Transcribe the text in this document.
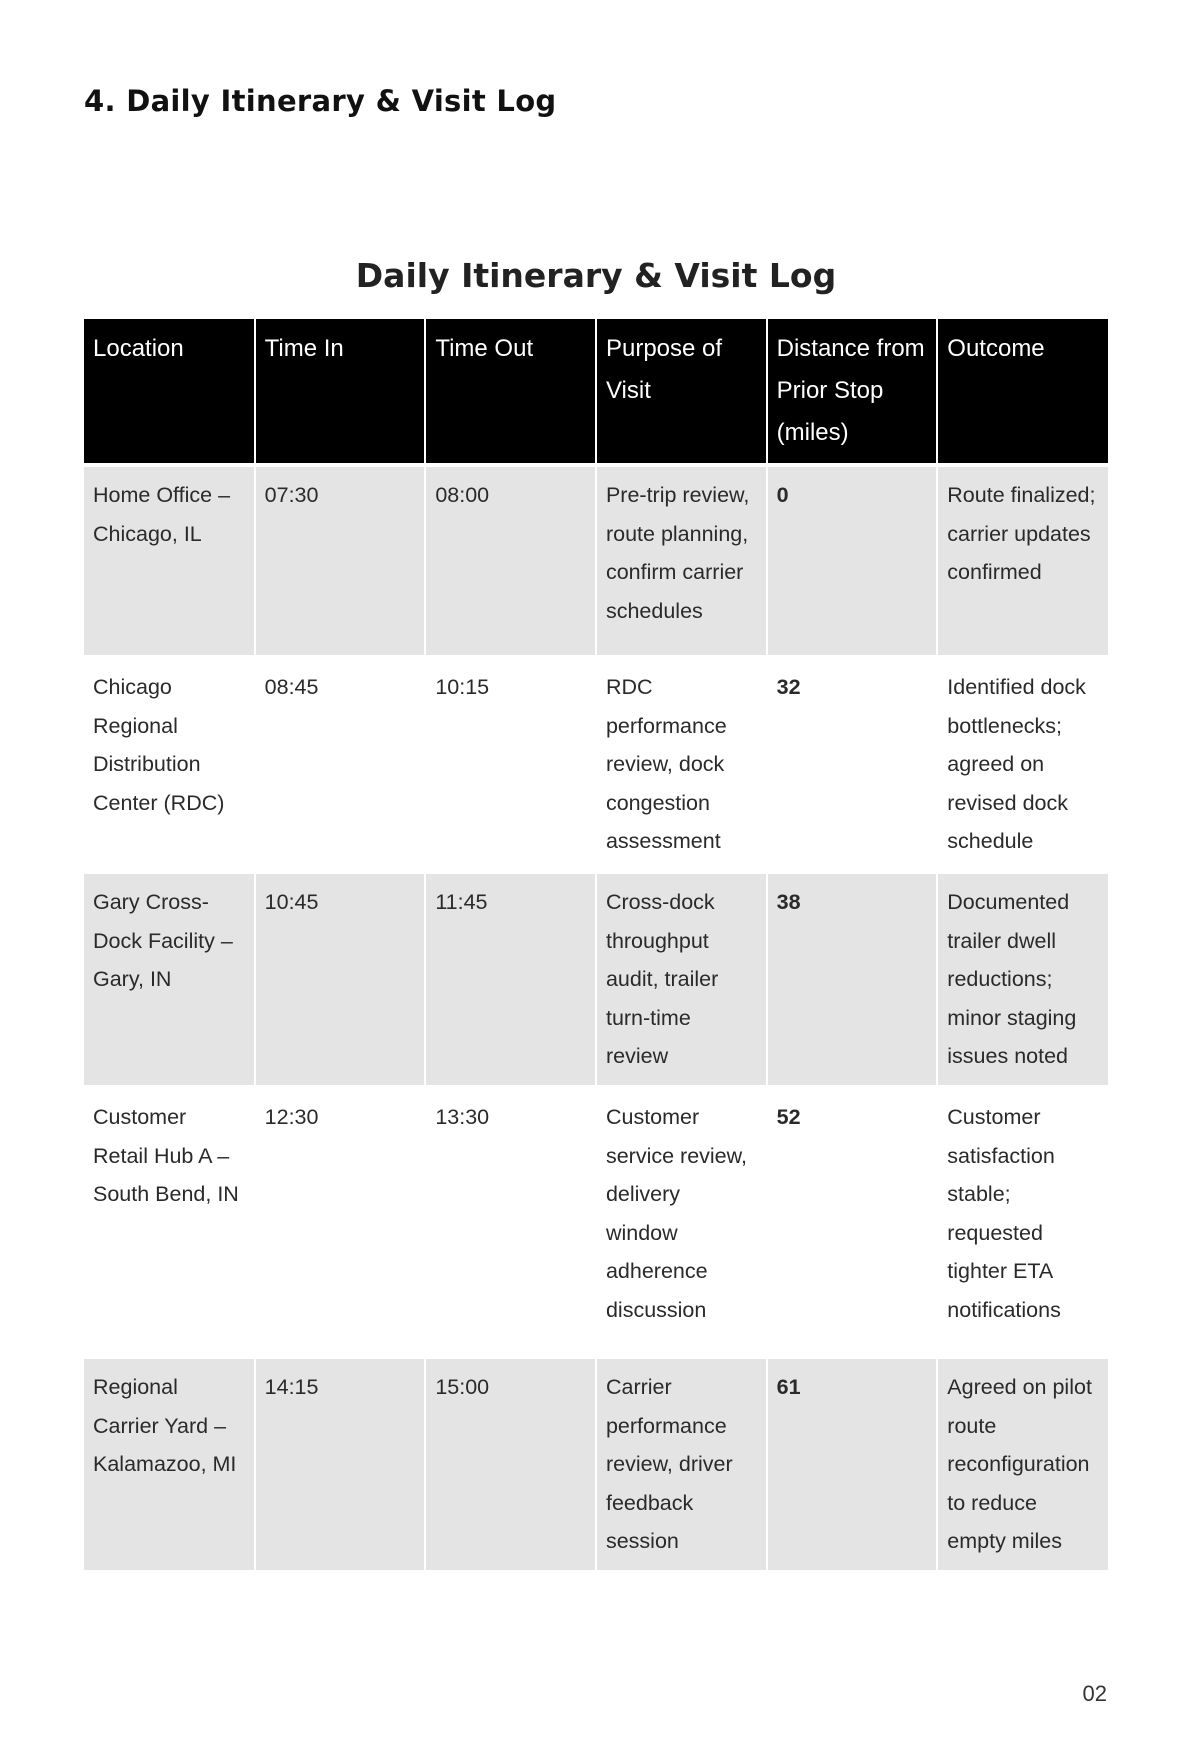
4. Daily Itinerary & Visit Log
Daily Itinerary & Visit Log
Location	Time In	Time Out	Purpose of Visit	Distance from Prior Stop (miles)	Outcome
Home Office – Chicago, IL	07:30	08:00	Pre-trip review, route planning, confirm carrier schedules	0	Route finalized; carrier updates confirmed
Chicago Regional Distribution Center (RDC)	08:45	10:15	RDC performance review, dock congestion assessment	32	Identified dock bottlenecks; agreed on revised dock schedule
Gary Cross-Dock Facility – Gary, IN	10:45	11:45	Cross-dock throughput audit, trailer turn-time review	38	Documented trailer dwell reductions; minor staging issues noted
Customer Retail Hub A – South Bend, IN	12:30	13:30	Customer service review, delivery window adherence discussion	52	Customer satisfaction stable; requested tighter ETA notifications
Regional Carrier Yard – Kalamazoo, MI	14:15	15:00	Carrier performance review, driver feedback session	61	Agreed on pilot route reconfiguration to reduce empty miles
02
